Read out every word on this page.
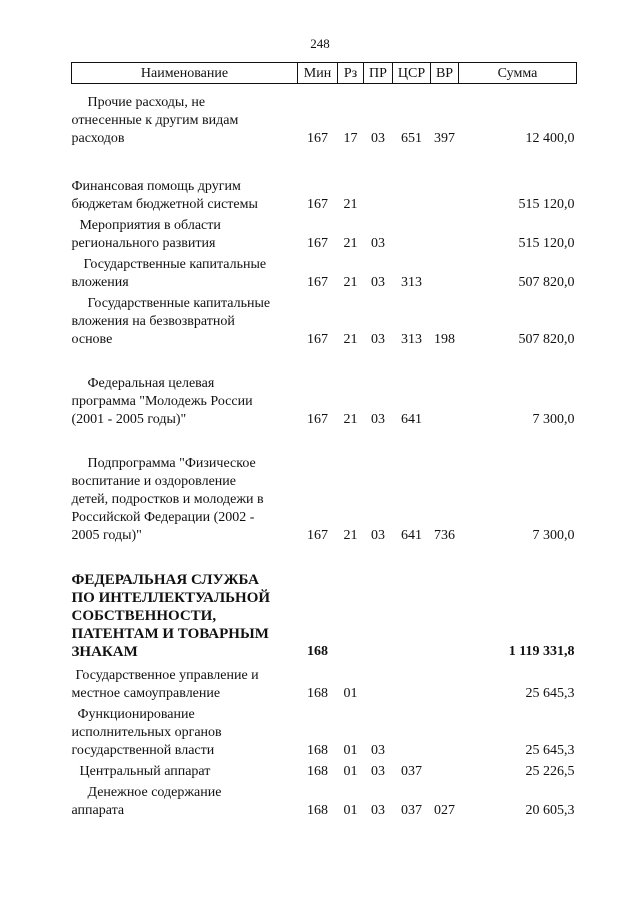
248
Наименование	Мин	Рз	ПР	ЦСР	ВР	Сумма

Прочие расходы, не
отнесенные к другим видам
расходов	167	17	03	651	397	12 400,0

Финансовая помощь другим
бюджетам бюджетной системы	167	21				515 120,0

Мероприятия в области
регионального развития	167	21	03			515 120,0

Государственные капитальные
вложения	167	21	03	313		507 820,0

Государственные капитальные
вложения на безвозвратной
основе	167	21	03	313	198	507 820,0

Федеральная целевая
программа "Молодежь России
(2001 - 2005 годы)"	167	21	03	641		7 300,0

Подпрограмма "Физическое
воспитание и оздоровление
детей, подростков и молодежи в
Российской Федерации (2002 -
2005 годы)"	167	21	03	641	736	7 300,0

ФЕДЕРАЛЬНАЯ СЛУЖБА
ПО ИНТЕЛЛЕКТУАЛЬНОЙ
СОБСТВЕННОСТИ,
ПАТЕНТАМ И ТОВАРНЫМ
ЗНАКАМ	168					1 119 331,8

Государственное управление и
местное самоуправление	168	01				25 645,3

Функционирование
исполнительных органов
государственной власти	168	01	03			25 645,3

Центральный аппарат	168	01	03	037		25 226,5

Денежное содержание
аппарата	168	01	03	037	027	20 605,3
